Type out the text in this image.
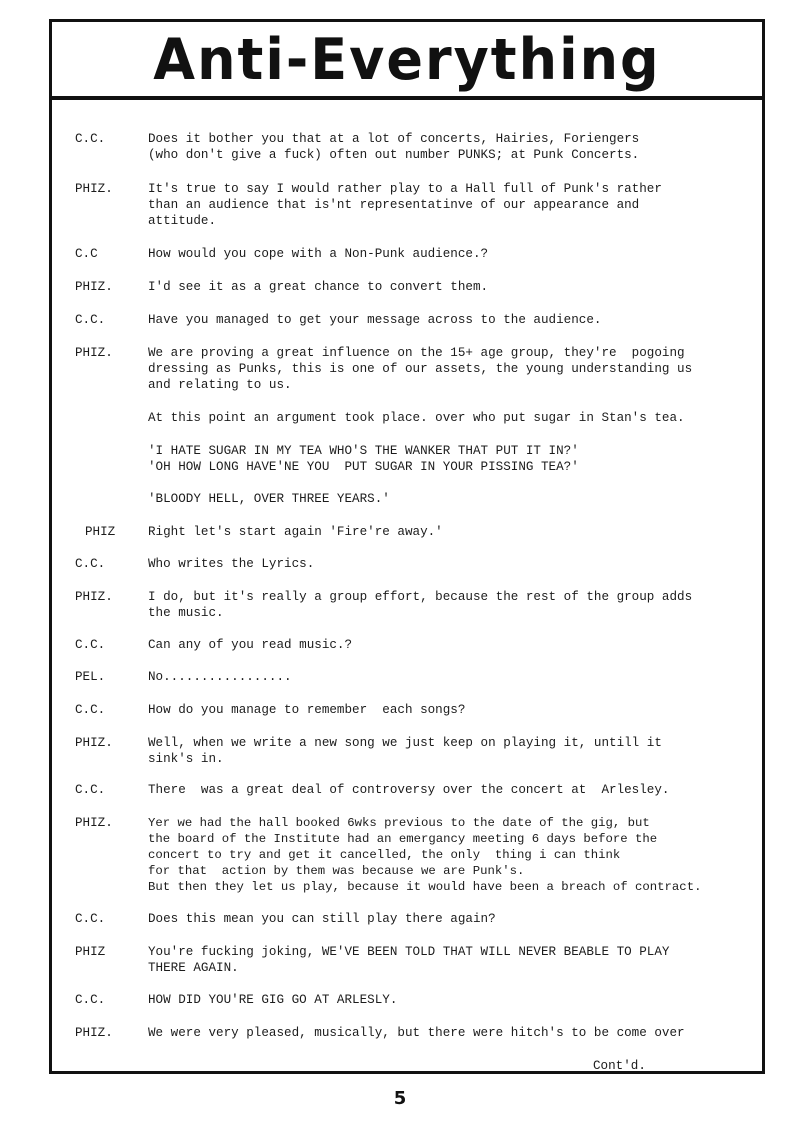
Anti-Everything
C.C.	Does it bother you that at a lot of concerts, Hairies, Foriengers
(who don't give a fuck) often out number PUNKS; at Punk Concerts.
PHIZ.	It's true to say I would rather play to a Hall full of Punk's rather
than an audience that is'nt representatinve of our appearance and
attitude.
C.C	How would you cope with a Non-Punk audience.?
PHIZ.	I'd see it as a great chance to convert them.
C.C.	Have you managed to get your message across to the audience.
PHIZ.	We are proving a great influence on the 15+ age group, they're  pogoing
dressing as Punks, this is one of our assets, the young understanding us
and relating to us.
At this point an argument took place. over who put sugar in Stan's tea.
'I HATE SUGAR IN MY TEA WHO'S THE WANKER THAT PUT IT IN?'
'OH HOW LONG HAVE'NE YOU  PUT SUGAR IN YOUR PISSING TEA?'
'BLOODY HELL, OVER THREE YEARS.'
PHIZ	Right let's start again 'Fire're away.'
C.C.	Who writes the Lyrics.
PHIZ.	I do, but it's really a group effort, because the rest of the group adds
the music.
C.C.	Can any of you read music.?
PEL.	No.................
C.C.	How do you manage to remember  each songs?
PHIZ.	Well, when we write a new song we just keep on playing it, untill it
sink's in.
C.C.	There  was a great deal of controversy over the concert at  Arlesley.
PHIZ.	Yer we had the hall booked 6wks previous to the date of the gig, but
the board of the Institute had an emergancy meeting 6 days before the
concert to try and get it cancelled, the only  thing i can think
for that  action by them was because we are Punk's.
But then they let us play, because it would have been a breach of contract.
C.C.	Does this mean you can still play there again?
PHIZ	You're fucking joking, WE'VE BEEN TOLD THAT WILL NEVER BEABLE TO PLAY
THERE AGAIN.
C.C.	HOW DID YOU'RE GIG GO AT ARLESLY.
PHIZ.	We were very pleased, musically, but there were hitch's to be come over
Cont'd.
5
